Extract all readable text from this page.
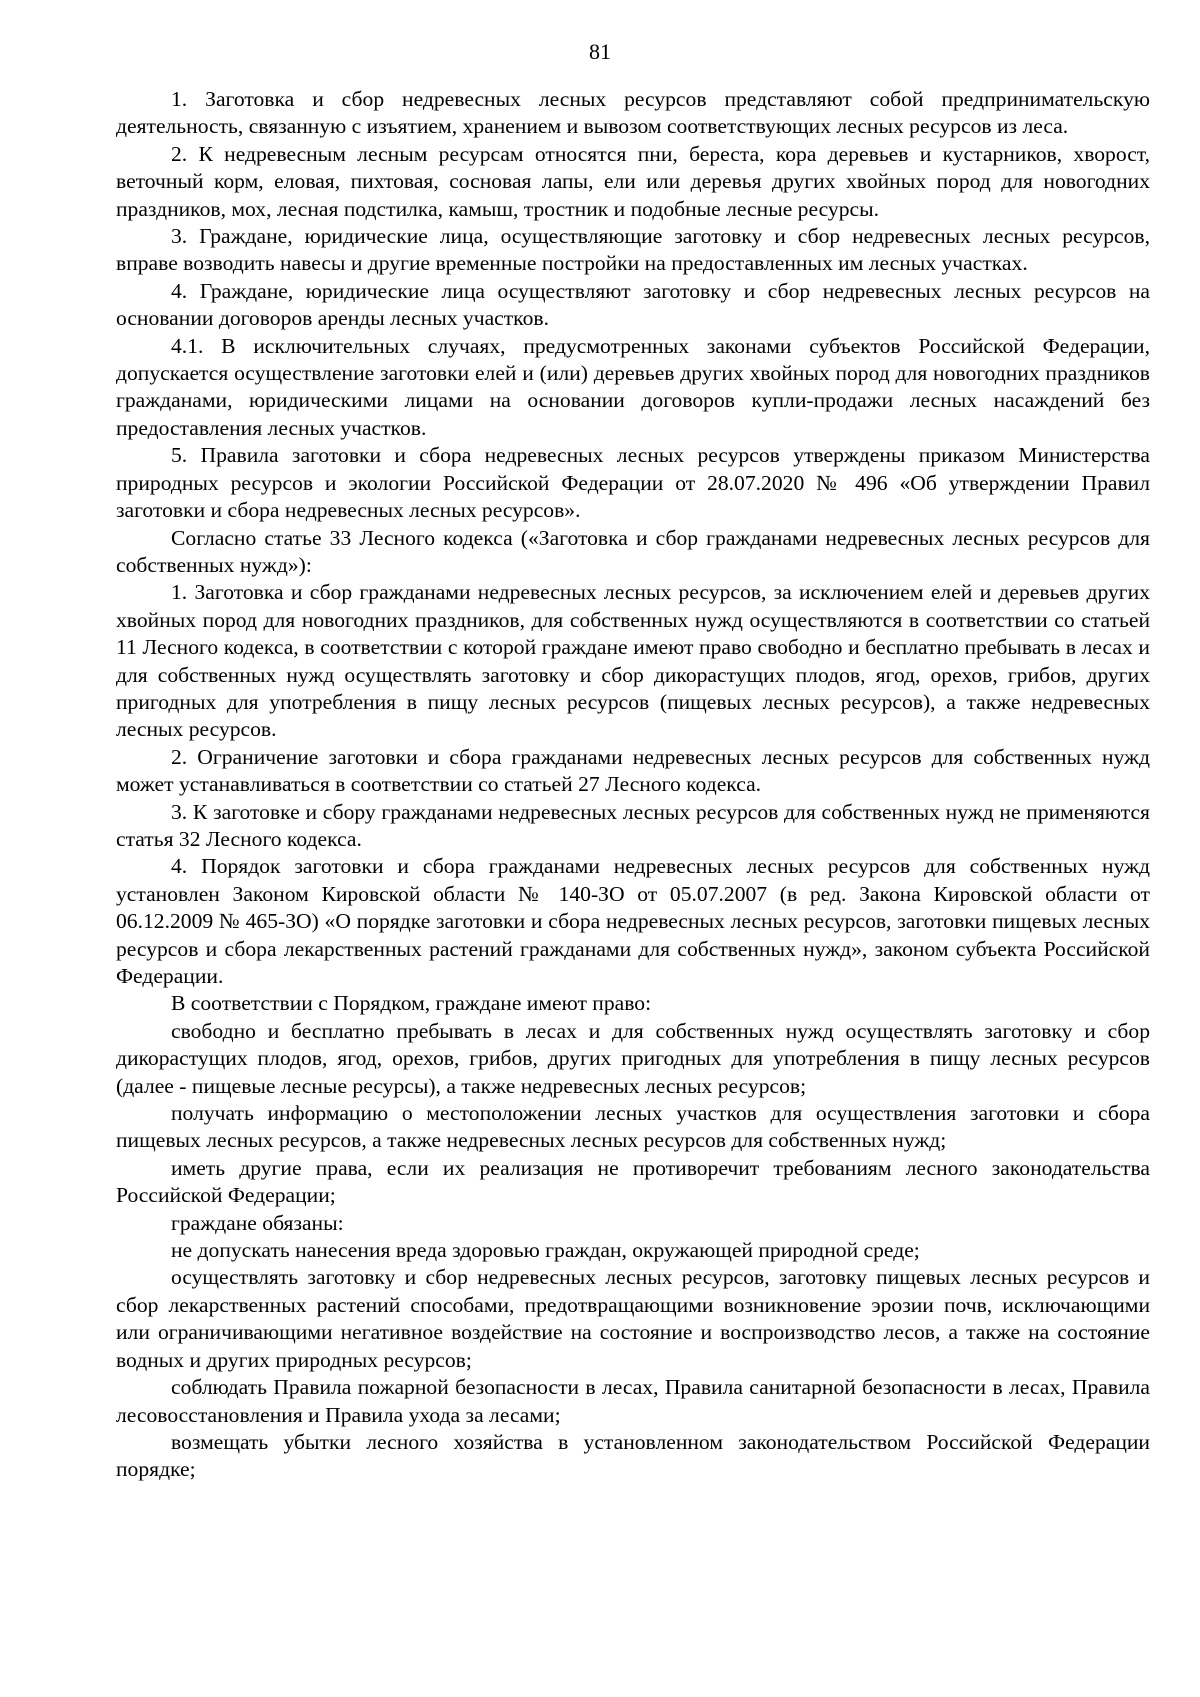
81

1. Заготовка и сбор недревесных лесных ресурсов представляют собой предпринимательскую деятельность, связанную с изъятием, хранением и вывозом соответствующих лесных ресурсов из леса.

2. К недревесным лесным ресурсам относятся пни, береста, кора деревьев и кустарников, хворост, веточный корм, еловая, пихтовая, сосновая лапы, ели или деревья других хвойных пород для новогодних праздников, мох, лесная подстилка, камыш, тростник и подобные лесные ресурсы.

3. Граждане, юридические лица, осуществляющие заготовку и сбор недревесных лесных ресурсов, вправе возводить навесы и другие временные постройки на предоставленных им лесных участках.

4. Граждане, юридические лица осуществляют заготовку и сбор недревесных лесных ресурсов на основании договоров аренды лесных участков.

4.1. В исключительных случаях, предусмотренных законами субъектов Российской Федерации, допускается осуществление заготовки елей и (или) деревьев других хвойных пород для новогодних праздников гражданами, юридическими лицами на основании договоров купли-продажи лесных насаждений без предоставления лесных участков.

5. Правила заготовки и сбора недревесных лесных ресурсов утверждены приказом Министерства природных ресурсов и экологии Российской Федерации от 28.07.2020 № 496 «Об утверждении Правил заготовки и сбора недревесных лесных ресурсов».

Согласно статье 33 Лесного кодекса («Заготовка и сбор гражданами недревесных лесных ресурсов для собственных нужд»):

1. Заготовка и сбор гражданами недревесных лесных ресурсов, за исключением елей и деревьев других хвойных пород для новогодних праздников, для собственных нужд осуществляются в соответствии со статьей 11 Лесного кодекса, в соответствии с которой граждане имеют право свободно и бесплатно пребывать в лесах и для собственных нужд осуществлять заготовку и сбор дикорастущих плодов, ягод, орехов, грибов, других пригодных для употребления в пищу лесных ресурсов (пищевых лесных ресурсов), а также недревесных лесных ресурсов.

2. Ограничение заготовки и сбора гражданами недревесных лесных ресурсов для собственных нужд может устанавливаться в соответствии со статьей 27 Лесного кодекса.

3. К заготовке и сбору гражданами недревесных лесных ресурсов для собственных нужд не применяются статья 32 Лесного кодекса.

4. Порядок заготовки и сбора гражданами недревесных лесных ресурсов для собственных нужд установлен Законом Кировской области № 140-ЗО от 05.07.2007 (в ред. Закона Кировской области от 06.12.2009 № 465-ЗО) «О порядке заготовки и сбора недревесных лесных ресурсов, заготовки пищевых лесных ресурсов и сбора лекарственных растений гражданами для собственных нужд», законом субъекта Российской Федерации.

В соответствии с Порядком, граждане имеют право:

свободно и бесплатно пребывать в лесах и для собственных нужд осуществлять заготовку и сбор дикорастущих плодов, ягод, орехов, грибов, других пригодных для употребления в пищу лесных ресурсов (далее - пищевые лесные ресурсы), а также недревесных лесных ресурсов;

получать информацию о местоположении лесных участков для осуществления заготовки и сбора пищевых лесных ресурсов, а также недревесных лесных ресурсов для собственных нужд;

иметь другие права, если их реализация не противоречит требованиям лесного законодательства Российской Федерации;

граждане обязаны:

не допускать нанесения вреда здоровью граждан, окружающей природной среде;

осуществлять заготовку и сбор недревесных лесных ресурсов, заготовку пищевых лесных ресурсов и сбор лекарственных растений способами, предотвращающими возникновение эрозии почв, исключающими или ограничивающими негативное воздействие на состояние и воспроизводство лесов, а также на состояние водных и других природных ресурсов;

соблюдать Правила пожарной безопасности в лесах, Правила санитарной безопасности в лесах, Правила лесовосстановления и Правила ухода за лесами;

возмещать убытки лесного хозяйства в установленном законодательством Российской Федерации порядке;
